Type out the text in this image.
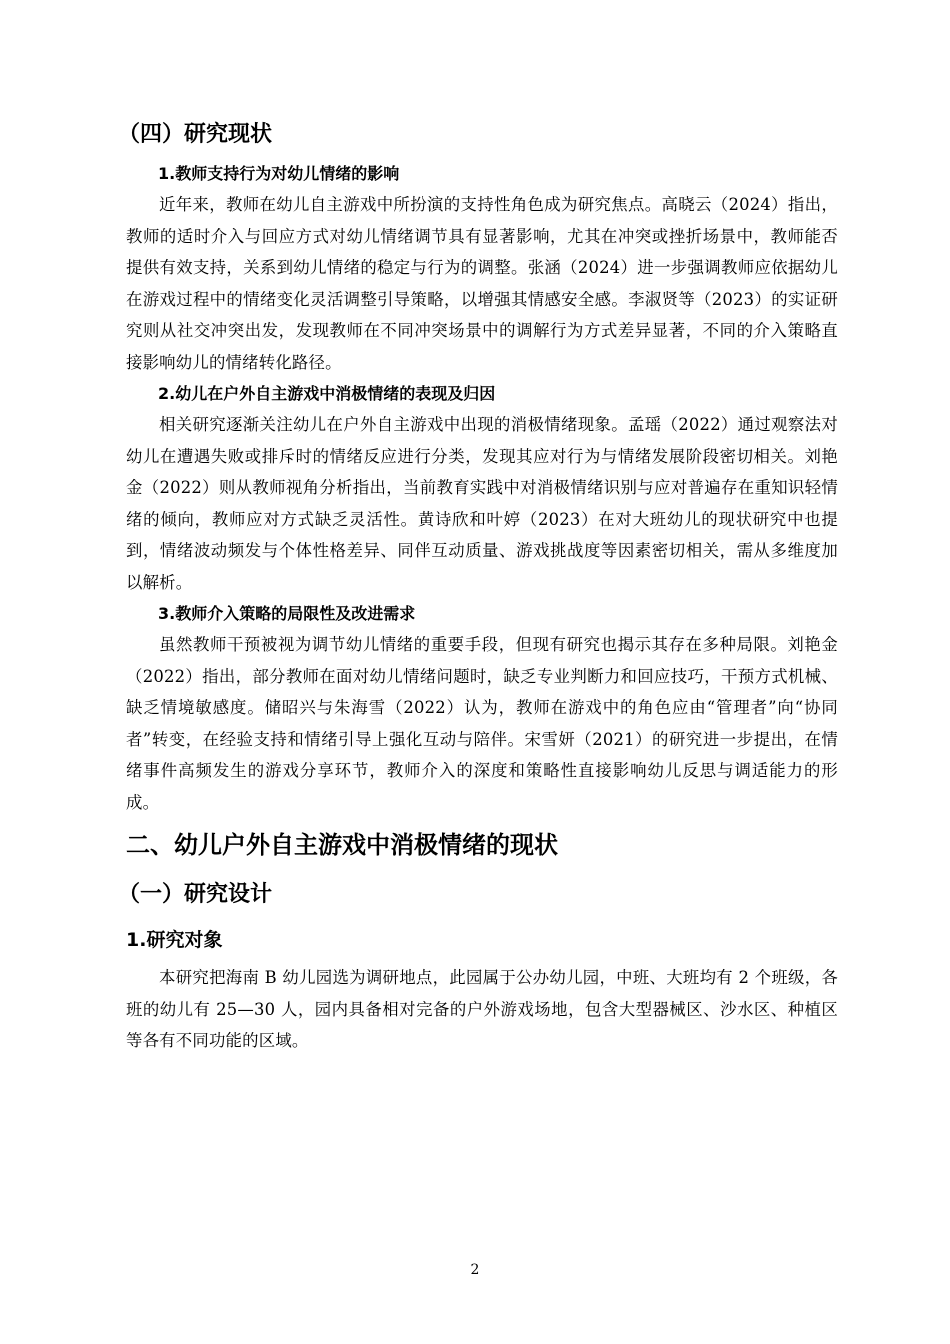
（四）研究现状
1.教师支持行为对幼儿情绪的影响

近年来，教师在幼儿自主游戏中所扮演的支持性角色成为研究焦点。高晓云（2024）指出，教师的适时介入与回应方式对幼儿情绪调节具有显著影响，尤其在冲突或挫折场景中，教师能否提供有效支持，关系到幼儿情绪的稳定与行为的调整。张涵（2024）进一步强调教师应依据幼儿在游戏过程中的情绪变化灵活调整引导策略，以增强其情感安全感。李淑贤等（2023）的实证研究则从社交冲突出发，发现教师在不同冲突场景中的调解行为方式差异显著，不同的介入策略直接影响幼儿的情绪转化路径。

2.幼儿在户外自主游戏中消极情绪的表现及归因

相关研究逐渐关注幼儿在户外自主游戏中出现的消极情绪现象。孟瑶（2022）通过观察法对幼儿在遭遇失败或排斥时的情绪反应进行分类，发现其应对行为与情绪发展阶段密切相关。刘艳金（2022）则从教师视角分析指出，当前教育实践中对消极情绪识别与应对普遍存在重知识轻情绪的倾向，教师应对方式缺乏灵活性。黄诗欣和叶婷（2023）在对大班幼儿的现状研究中也提到，情绪波动频发与个体性格差异、同伴互动质量、游戏挑战度等因素密切相关，需从多维度加以解析。

3.教师介入策略的局限性及改进需求

虽然教师干预被视为调节幼儿情绪的重要手段，但现有研究也揭示其存在多种局限。刘艳金（2022）指出，部分教师在面对幼儿情绪问题时，缺乏专业判断力和回应技巧，干预方式机械、缺乏情境敏感度。储昭兴与朱海雪（2022）认为，教师在游戏中的角色应由“管理者”向“协同者”转变，在经验支持和情绪引导上强化互动与陪伴。宋雪妍（2021）的研究进一步提出，在情绪事件高频发生的游戏分享环节，教师介入的深度和策略性直接影响幼儿反思与调适能力的形成。

二、幼儿户外自主游戏中消极情绪的现状
（一）研究设计
1.研究对象

本研究把海南 B 幼儿园选为调研地点，此园属于公办幼儿园，中班、大班均有 2 个班级，各班的幼儿有 25—30 人，园内具备相对完备的户外游戏场地，包含大型器械区、沙水区、种植区等各有不同功能的区域。

2
